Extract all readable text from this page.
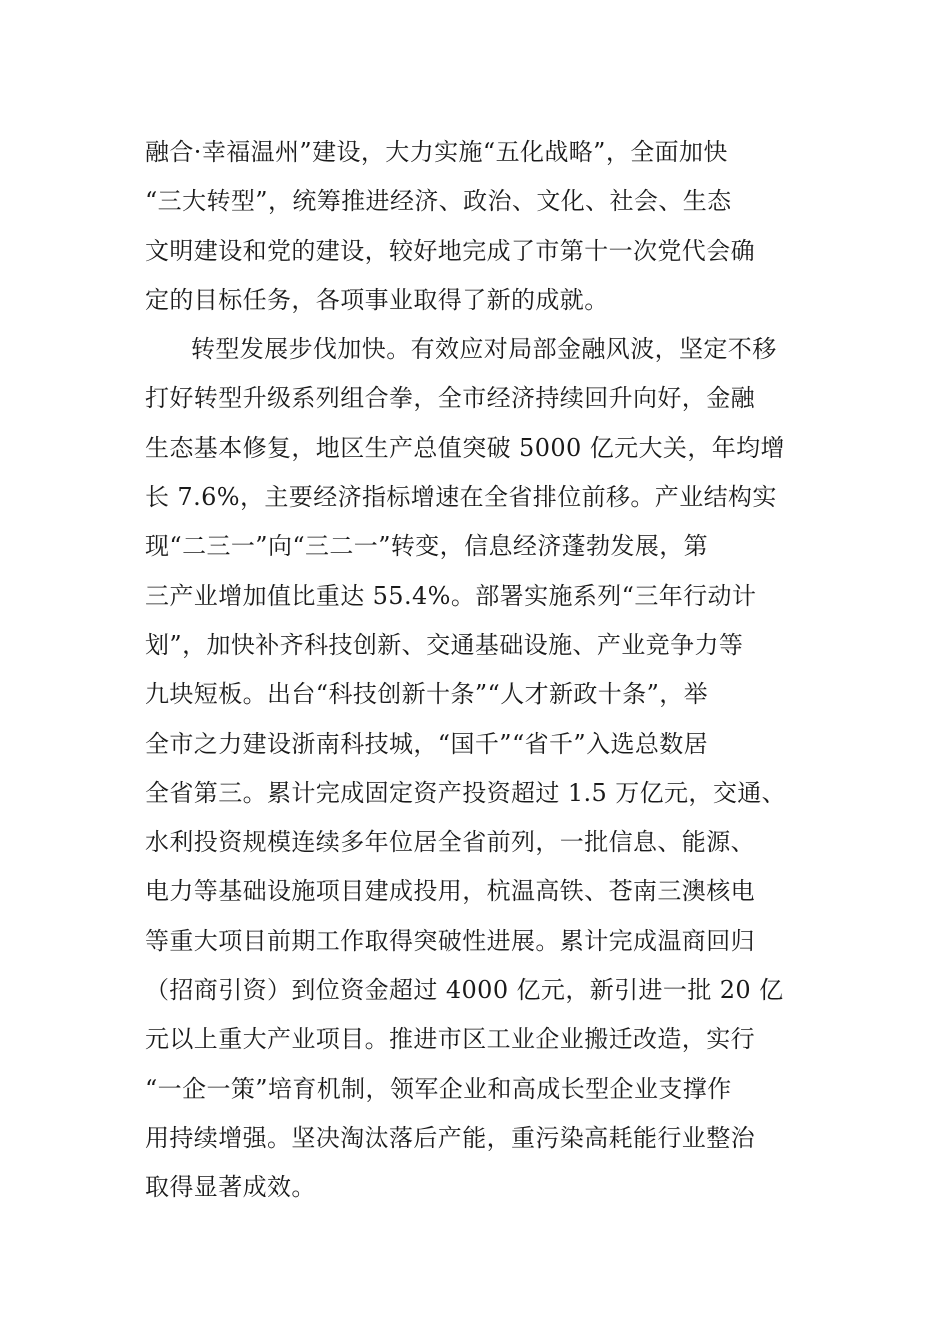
融合·幸福温州”建设，大力实施“五化战略”，全面加快
“三大转型”，统筹推进经济、政治、文化、社会、生态
文明建设和党的建设，较好地完成了市第十一次党代会确
定的目标任务，各项事业取得了新的成就。
转型发展步伐加快。有效应对局部金融风波，坚定不移
打好转型升级系列组合拳，全市经济持续回升向好，金融
生态基本修复，地区生产总值突破 5000 亿元大关，年均增
长 7.6%，主要经济指标增速在全省排位前移。产业结构实
现“二三一”向“三二一”转变，信息经济蓬勃发展，第
三产业增加值比重达 55.4%。部署实施系列“三年行动计
划”，加快补齐科技创新、交通基础设施、产业竞争力等
九块短板。出台“科技创新十条”“人才新政十条”，举
全市之力建设浙南科技城，“国千”“省千”入选总数居
全省第三。累计完成固定资产投资超过 1.5 万亿元，交通、
水利投资规模连续多年位居全省前列，一批信息、能源、
电力等基础设施项目建成投用，杭温高铁、苍南三澳核电
等重大项目前期工作取得突破性进展。累计完成温商回归
（招商引资）到位资金超过 4000 亿元，新引进一批 20 亿
元以上重大产业项目。推进市区工业企业搬迁改造，实行
“一企一策”培育机制，领军企业和高成长型企业支撑作
用持续增强。坚决淘汰落后产能，重污染高耗能行业整治
取得显著成效。
